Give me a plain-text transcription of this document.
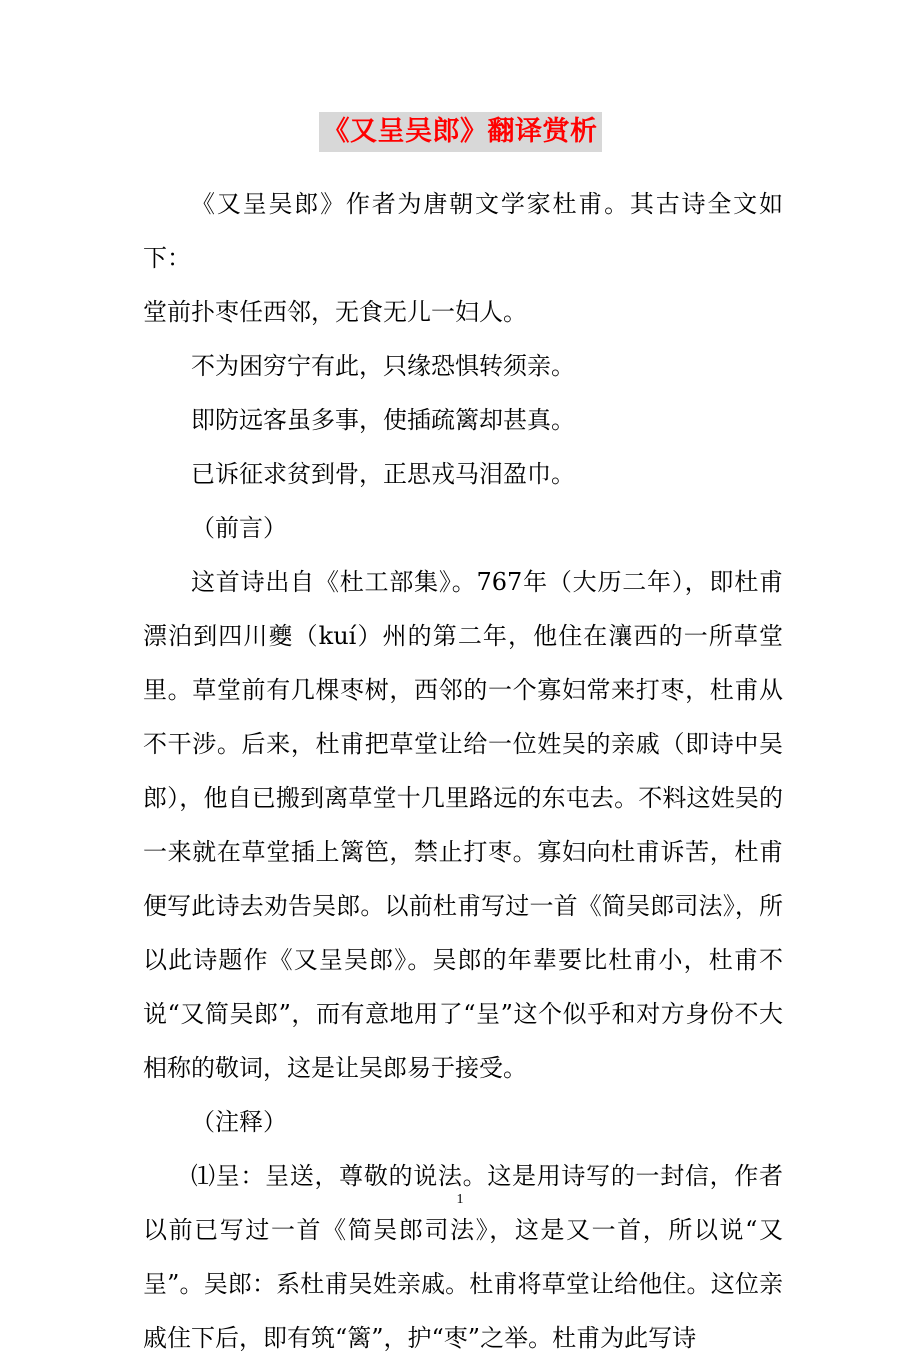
《又呈吴郎》翻译赏析

《又呈吴郎》作者为唐朝文学家杜甫。其古诗全文如下：

堂前扑枣任西邻，无食无儿一妇人。

不为困穷宁有此，只缘恐惧转须亲。

即防远客虽多事，使插疏篱却甚真。

已诉征求贫到骨，正思戎马泪盈巾。

（前言）

这首诗出自《杜工部集》。767年（大历二年），即杜甫漂泊到四川夔（kuí）州的第二年，他住在瀼西的一所草堂里。草堂前有几棵枣树，西邻的一个寡妇常来打枣，杜甫从不干涉。后来，杜甫把草堂让给一位姓吴的亲戚（即诗中吴郎），他自已搬到离草堂十几里路远的东屯去。不料这姓吴的一来就在草堂插上篱笆，禁止打枣。寡妇向杜甫诉苦，杜甫便写此诗去劝告吴郎。以前杜甫写过一首《简吴郎司法》，所以此诗题作《又呈吴郎》。吴郎的年辈要比杜甫小，杜甫不说“又简吴郎”，而有意地用了“呈”这个似乎和对方身份不大相称的敬词，这是让吴郎易于接受。

（注释）

⑴呈：呈送，尊敬的说法。这是用诗写的一封信，作者以前已写过一首《简吴郎司法》，这是又一首，所以说“又呈”。吴郎：系杜甫吴姓亲戚。杜甫将草堂让给他住。这位亲戚住下后，即有筑“篱”，护“枣”之举。杜甫为此写诗

1
